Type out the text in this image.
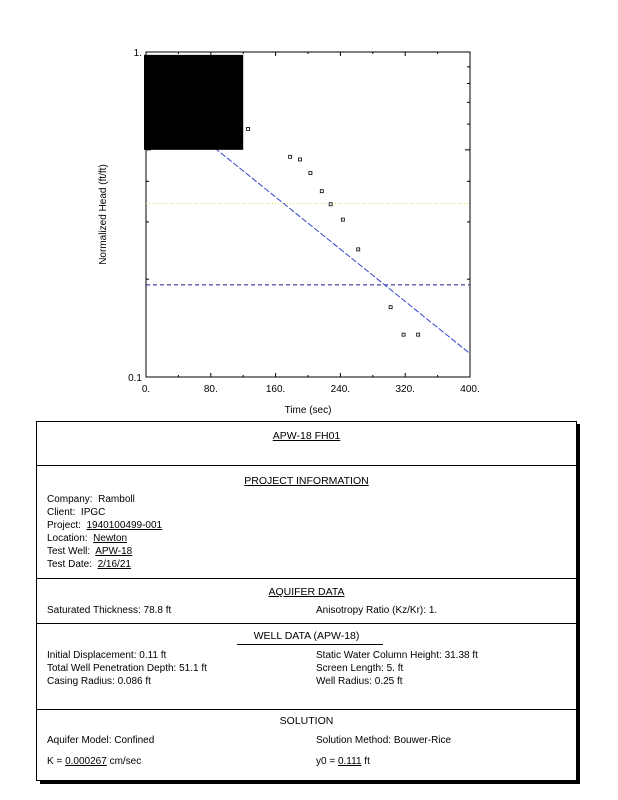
0.	80.	160.	240.	320.	400.
0.1
1.
Time (sec)
Normalized Head (ft/ft)
APW-18 FH01
PROJECT INFORMATION
Company: Ramboll
Client: IPGC
Project: 1940100499-001
Location: Newton
Test Well: APW-18
Test Date: 2/16/21
AQUIFER DATA
Saturated Thickness: 78.8 ft	Anisotropy Ratio (Kz/Kr): 1.
WELL DATA (APW-18)
Initial Displacement: 0.11 ft	Static Water Column Height: 31.38 ft
Total Well Penetration Depth: 51.1 ft	Screen Length: 5. ft
Casing Radius: 0.086 ft	Well Radius: 0.25 ft
SOLUTION
Aquifer Model: Confined	Solution Method: Bouwer-Rice
K = 0.000267 cm/sec	y0 = 0.111 ft
